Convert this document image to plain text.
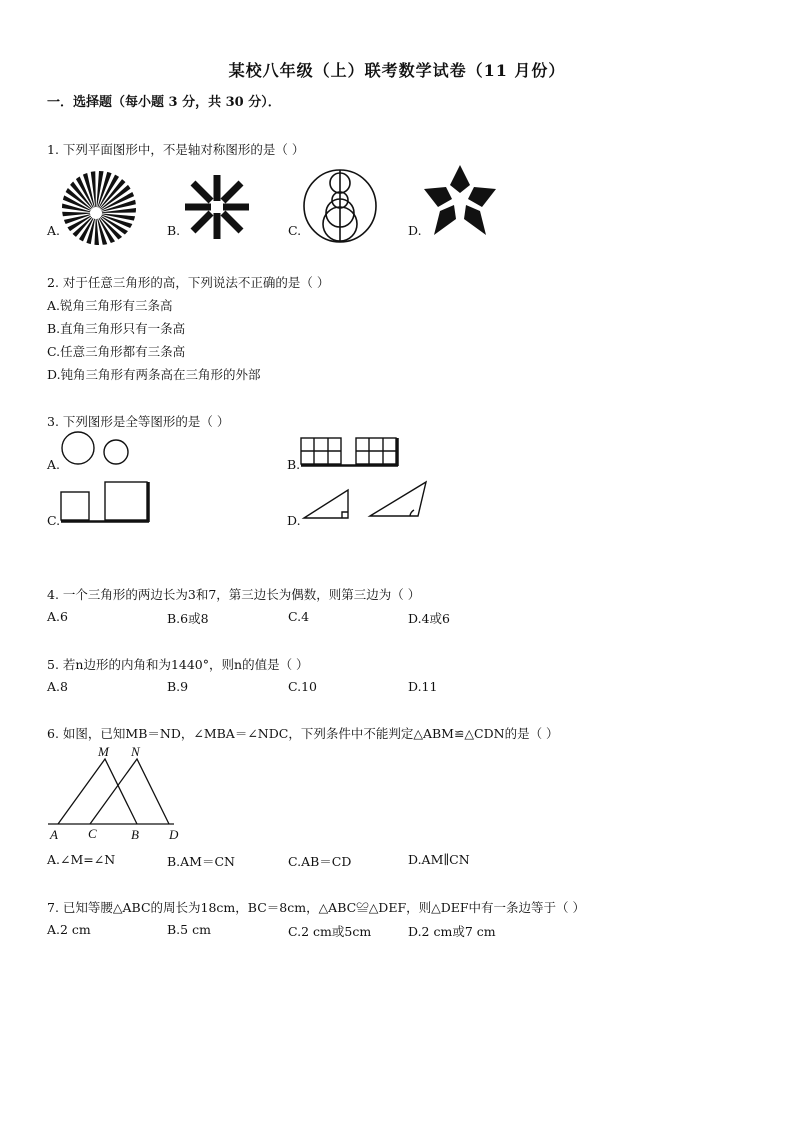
某校八年级（上）联考数学试卷（11 月份）
一．选择题（每小题 3 分，共 30 分）．
1. 下列平面图形中，不是轴对称图形的是（ ）
A.	B.	C.	D.
2. 对于任意三角形的高，下列说法不正确的是（ ）
A.锐角三角形有三条高
B.直角三角形只有一条高
C.任意三角形都有三条高
D.钝角三角形有两条高在三角形的外部
3. 下列图形是全等图形的是（ ）
A.	B.
C.	D.
4. 一个三角形的两边长为3和7，第三边长为偶数，则第三边为（ ）
A.6	B.6或8	C.4	D.4或6
5. 若n边形的内角和为1440°，则n的值是（ ）
A.8	B.9	C.10	D.11
6. 如图，已知MB＝ND，∠MBA＝∠NDC，下列条件中不能判定△ABM≌△CDN的是（ ）
M N
A C	B D
A.∠M=∠N	B.AM＝CN	C.AB＝CD	D.AM∥CN
7. 已知等腰△ABC的周长为18cm，BC＝8cm，△ABC≌△DEF，则△DEF中有一条边等于（ ）
A.2 cm	B.5 cm	C.2 cm或5cm	D.2 cm或7 cm
